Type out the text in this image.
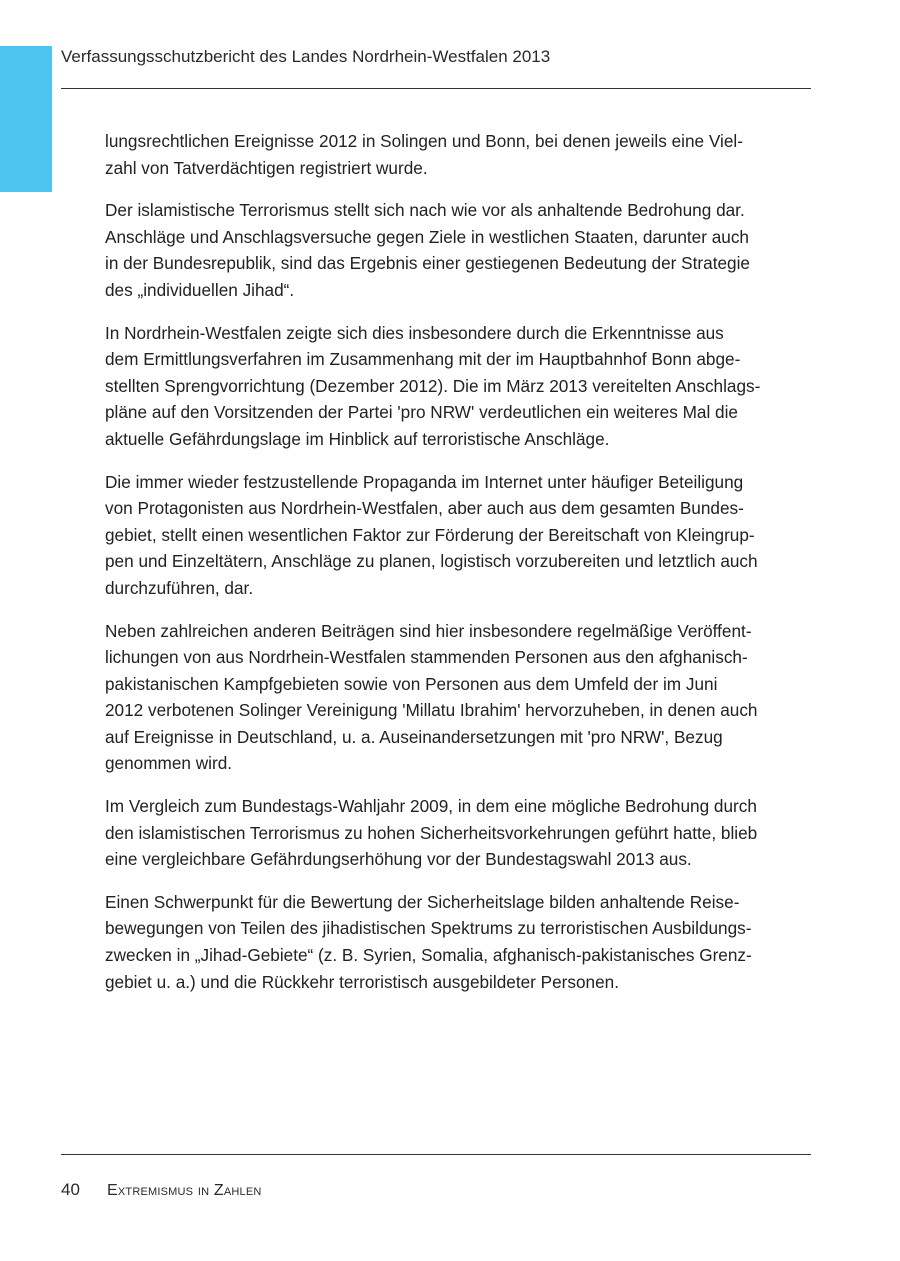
Verfassungsschutzbericht des Landes Nordrhein-Westfalen 2013

lungsrechtlichen Ereignisse 2012 in Solingen und Bonn, bei denen jeweils eine Viel-
zahl von Tatverdächtigen registriert wurde.

Der islamistische Terrorismus stellt sich nach wie vor als anhaltende Bedrohung dar.
Anschläge und Anschlagsversuche gegen Ziele in westlichen Staaten, darunter auch
in der Bundesrepublik, sind das Ergebnis einer gestiegenen Bedeutung der Strategie
des „individuellen Jihad“.

In Nordrhein-Westfalen zeigte sich dies insbesondere durch die Erkenntnisse aus
dem Ermittlungsverfahren im Zusammenhang mit der im Hauptbahnhof Bonn abge-
stellten Sprengvorrichtung (Dezember 2012). Die im März 2013 vereitelten Anschlags-
pläne auf den Vorsitzenden der Partei 'pro NRW' verdeutlichen ein weiteres Mal die
aktuelle Gefährdungslage im Hinblick auf terroristische Anschläge.

Die immer wieder festzustellende Propaganda im Internet unter häufiger Beteiligung
von Protagonisten aus Nordrhein-Westfalen, aber auch aus dem gesamten Bundes-
gebiet, stellt einen wesentlichen Faktor zur Förderung der Bereitschaft von Kleingrup-
pen und Einzeltätern, Anschläge zu planen, logistisch vorzubereiten und letztlich auch
durchzuführen, dar.

Neben zahlreichen anderen Beiträgen sind hier insbesondere regelmäßige Veröffent-
lichungen von aus Nordrhein-Westfalen stammenden Personen aus den afghanisch-
pakistanischen Kampfgebieten sowie von Personen aus dem Umfeld der im Juni
2012 verbotenen Solinger Vereinigung 'Millatu Ibrahim' hervorzuheben, in denen auch
auf Ereignisse in Deutschland, u. a. Auseinandersetzungen mit 'pro NRW', Bezug
genommen wird.

Im Vergleich zum Bundestags-Wahljahr 2009, in dem eine mögliche Bedrohung durch
den islamistischen Terrorismus zu hohen Sicherheitsvorkehrungen geführt hatte, blieb
eine vergleichbare Gefährdungserhöhung vor der Bundestagswahl 2013 aus.

Einen Schwerpunkt für die Bewertung der Sicherheitslage bilden anhaltende Reise-
bewegungen von Teilen des jihadistischen Spektrums zu terroristischen Ausbildungs-
zwecken in „Jihad-Gebiete“ (z. B. Syrien, Somalia, afghanisch-pakistanisches Grenz-
gebiet u. a.) und die Rückkehr terroristisch ausgebildeter Personen.

40 Extremismus in Zahlen
